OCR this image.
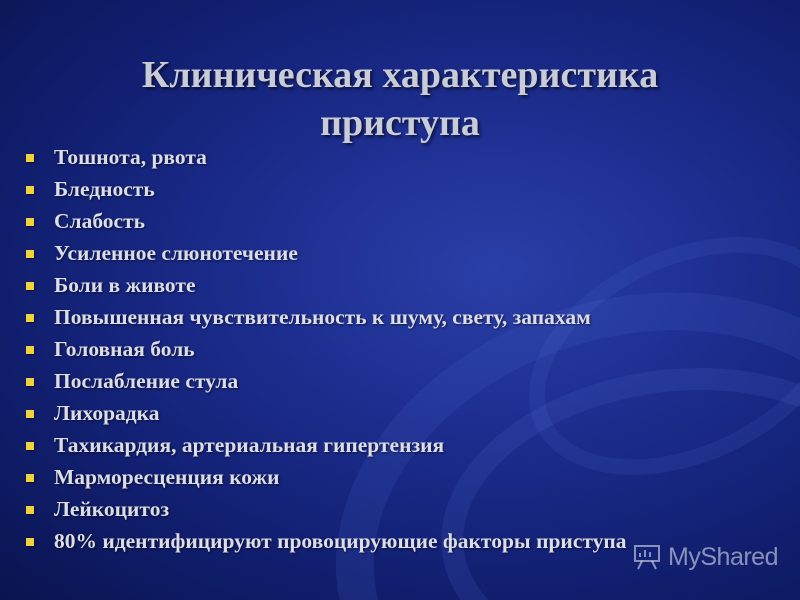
Клиническая характеристика
приступа
Тошнота, рвота
Бледность
Слабость
Усиленное слюнотечение
Боли в животе
Повышенная чувствительность к шуму, свету, запахам
Головная боль
Послабление стула
Лихорадка
Тахикардия, артериальная гипертензия
Марморесценция кожи
Лейкоцитоз
80% идентифицируют провоцирующие факторы приступа
MyShared
